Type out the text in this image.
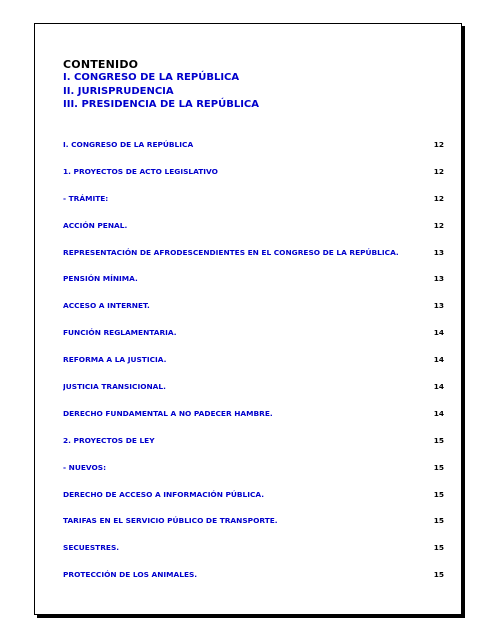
CONTENIDO
I. CONGRESO DE LA REPÚBLICA
II. JURISPRUDENCIA
III. PRESIDENCIA DE LA REPÚBLICA
I. CONGRESO DE LA REPÚBLICA	12
1. PROYECTOS DE ACTO LEGISLATIVO	12
- TRÁMITE:	12
ACCIÓN PENAL.	12
REPRESENTACIÓN DE AFRODESCENDIENTES EN EL CONGRESO DE LA REPÚBLICA.	13
PENSIÓN MÍNIMA.	13
ACCESO A INTERNET.	13
FUNCIÓN REGLAMENTARIA.	14
REFORMA A LA JUSTICIA.	14
JUSTICIA TRANSICIONAL.	14
DERECHO FUNDAMENTAL A NO PADECER HAMBRE.	14
2. PROYECTOS DE LEY	15
- NUEVOS:	15
DERECHO DE ACCESO A INFORMACIÓN PÚBLICA.	15
TARIFAS EN EL SERVICIO PÚBLICO DE TRANSPORTE.	15
SECUESTRES.	15
PROTECCIÓN DE LOS ANIMALES.	15
